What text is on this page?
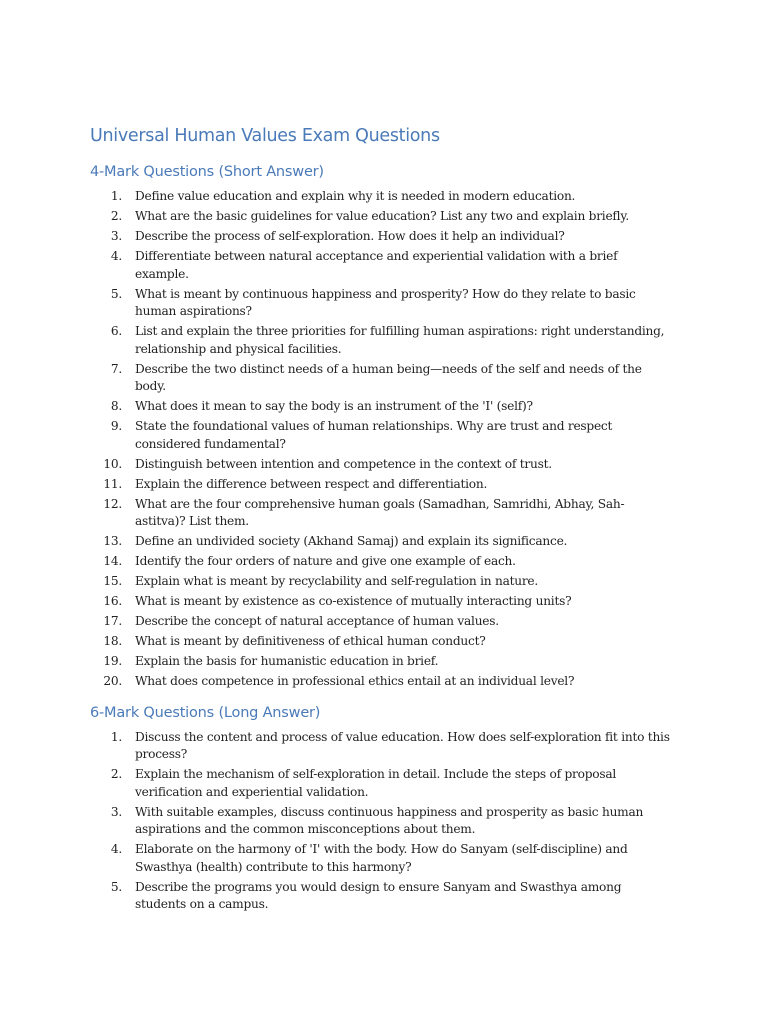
Universal Human Values Exam Questions
4-Mark Questions (Short Answer)
1.	Define value education and explain why it is needed in modern education.
2.	What are the basic guidelines for value education? List any two and explain briefly.
3.	Describe the process of self-exploration. How does it help an individual?
4.	Differentiate between natural acceptance and experiential validation with a brief example.
5.	What is meant by continuous happiness and prosperity? How do they relate to basic human aspirations?
6.	List and explain the three priorities for fulfilling human aspirations: right understanding, relationship and physical facilities.
7.	Describe the two distinct needs of a human being—needs of the self and needs of the body.
8.	What does it mean to say the body is an instrument of the 'I' (self)?
9.	State the foundational values of human relationships. Why are trust and respect considered fundamental?
10.	Distinguish between intention and competence in the context of trust.
11.	Explain the difference between respect and differentiation.
12.	What are the four comprehensive human goals (Samadhan, Samridhi, Abhay, Sah-astitva)? List them.
13.	Define an undivided society (Akhand Samaj) and explain its significance.
14.	Identify the four orders of nature and give one example of each.
15.	Explain what is meant by recyclability and self-regulation in nature.
16.	What is meant by existence as co-existence of mutually interacting units?
17.	Describe the concept of natural acceptance of human values.
18.	What is meant by definitiveness of ethical human conduct?
19.	Explain the basis for humanistic education in brief.
20.	What does competence in professional ethics entail at an individual level?
6-Mark Questions (Long Answer)
1.	Discuss the content and process of value education. How does self-exploration fit into this process?
2.	Explain the mechanism of self-exploration in detail. Include the steps of proposal verification and experiential validation.
3.	With suitable examples, discuss continuous happiness and prosperity as basic human aspirations and the common misconceptions about them.
4.	Elaborate on the harmony of 'I' with the body. How do Sanyam (self-discipline) and Swasthya (health) contribute to this harmony?
5.	Describe the programs you would design to ensure Sanyam and Swasthya among students on a campus.
